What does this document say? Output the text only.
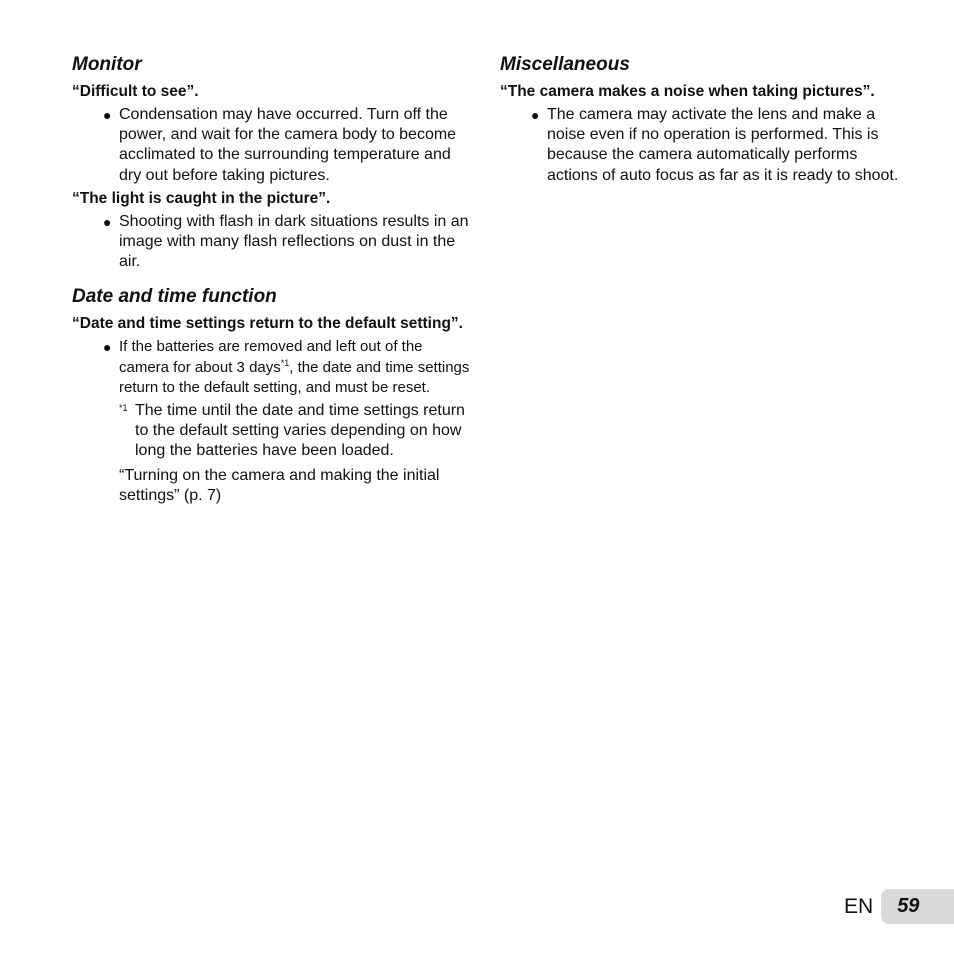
Monitor

“Difficult to see”.

● Condensation may have occurred. Turn off the power, and wait for the camera body to become acclimated to the surrounding temperature and dry out before taking pictures.

“The light is caught in the picture”.

● Shooting with flash in dark situations results in an image with many flash reflections on dust in the air.

Date and time function

“Date and time settings return to the default setting”.

● If the batteries are removed and left out of the camera for about 3 days$^{*1}$, the date and time settings return to the default setting, and must be reset.

*1 The time until the date and time settings return to the default setting varies depending on how long the batteries have been loaded.

“Turning on the camera and making the initial settings” (p. 7)

Miscellaneous

“The camera makes a noise when taking pictures”.

● The camera may activate the lens and make a noise even if no operation is performed. This is because the camera automatically performs actions of auto focus as far as it is ready to shoot.

EN	59
